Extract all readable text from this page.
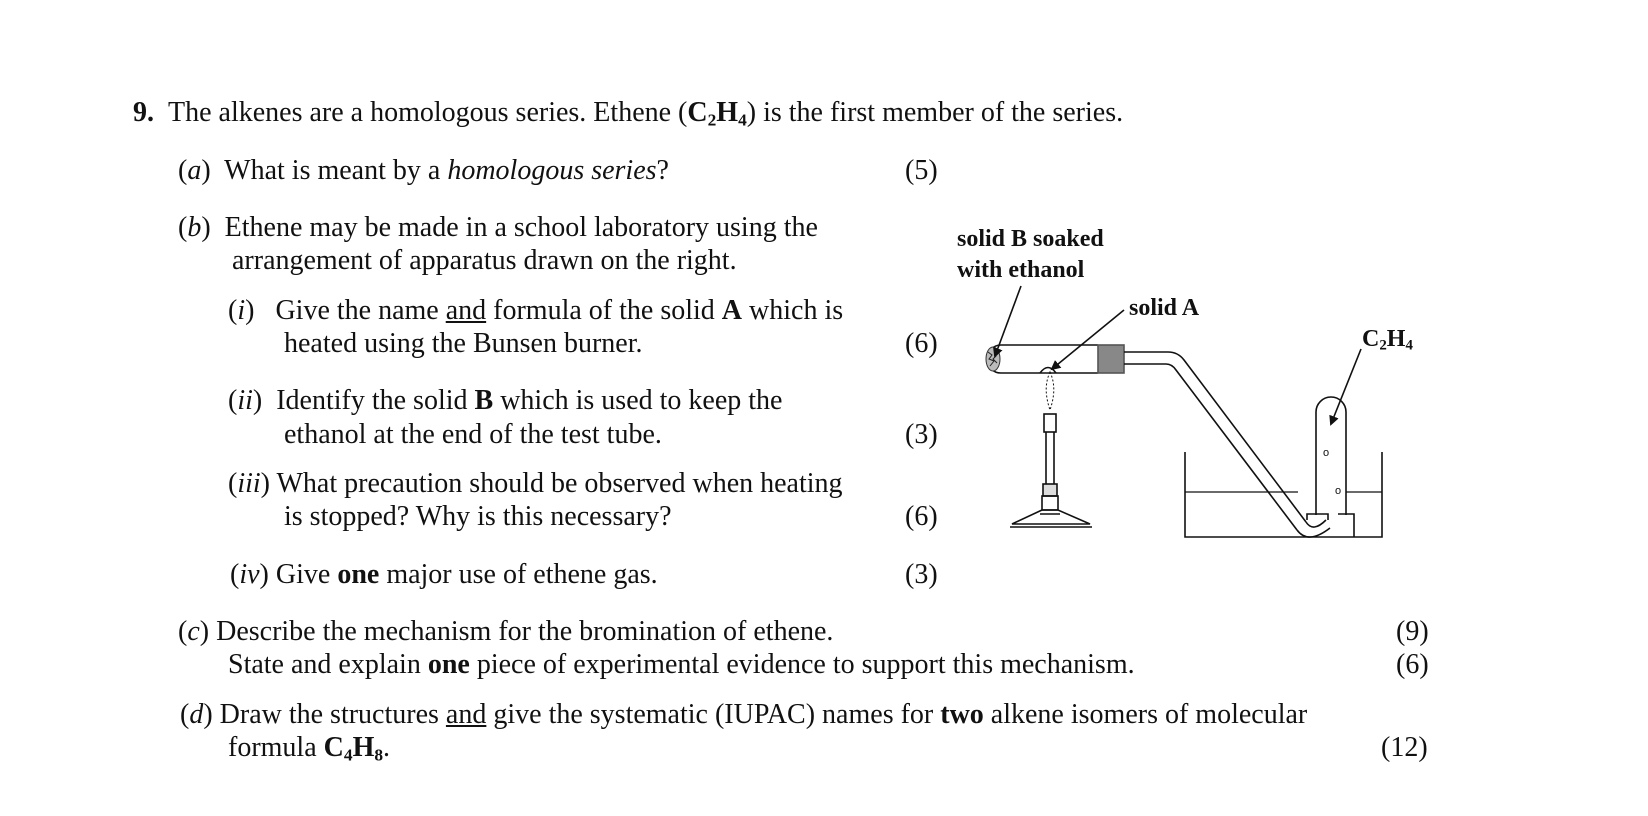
9. The alkenes are a homologous series. Ethene $(C_2H_4)$ is the first member of the series.
(a)  What is meant by a homologous series?	(5)
(b)  Ethene may be made in a school laboratory using the
arrangement of apparatus drawn on the right.
(i)   Give the name and formula of the solid A which is
heated using the Bunsen burner.	(6)
(ii)  Identify the solid B which is used to keep the
ethanol at the end of the test tube.	(3)
(iii) What precaution should be observed when heating
is stopped? Why is this necessary?	(6)
(iv) Give one major use of ethene gas.	(3)
(c) Describe the mechanism for the bromination of ethene.	(9)
State and explain one piece of experimental evidence to support this mechanism.	(6)
(d) Draw the structures and give the systematic (IUPAC) names for two alkene isomers of molecular
formula $C_4H_8$.	(12)
o
o
solid B soaked
with ethanol
solid A
$C_2H_4$
